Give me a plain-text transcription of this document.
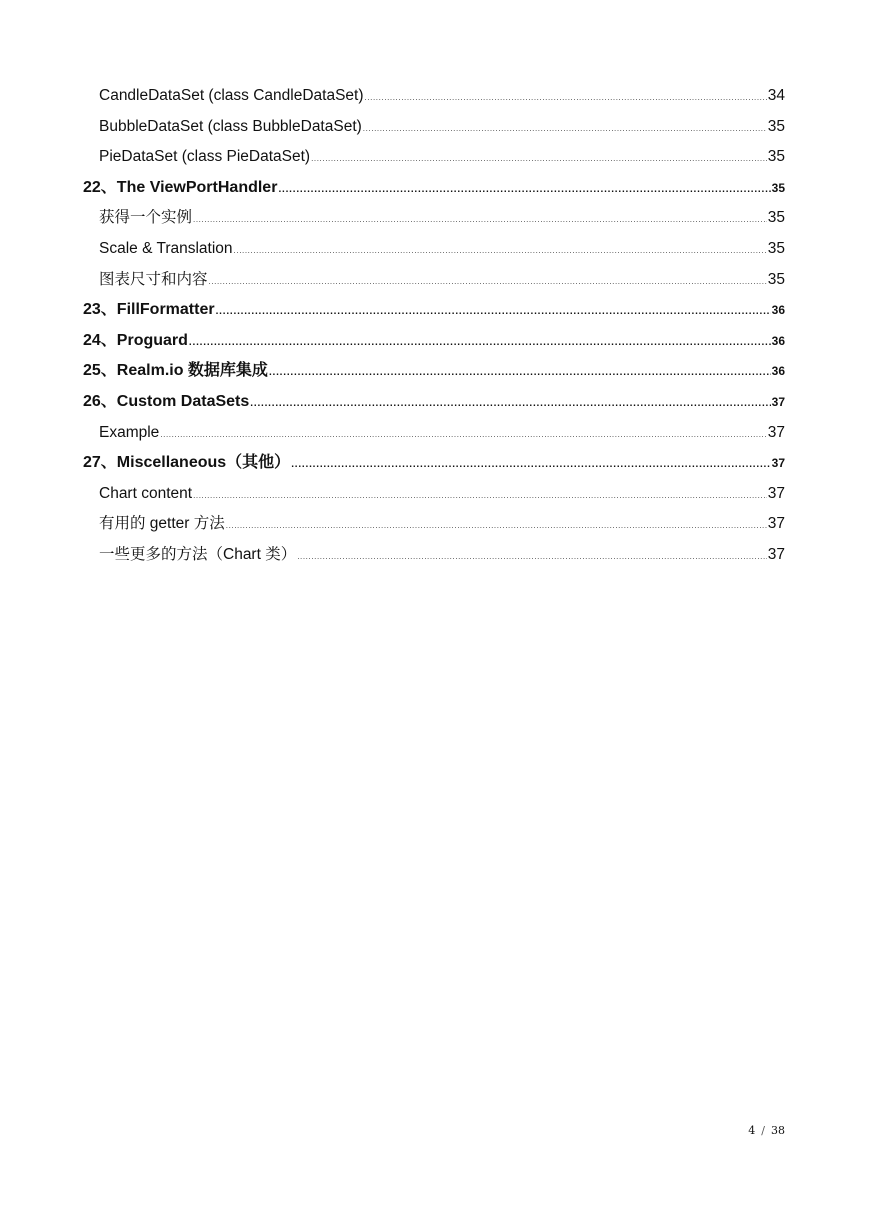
CandleDataSet (class CandleDataSet) .....	34
BubbleDataSet (class BubbleDataSet) .....	35
PieDataSet (class PieDataSet) .....	35
22、The ViewPortHandler .....	35
获得一个实例 .....	35
Scale & Translation .....	35
图表尺寸和内容 .....	35
23、FillFormatter .....	36
24、Proguard .....	36
25、Realm.io 数据库集成 .....	36
26、Custom DataSets .....	37
Example .....	37
27、Miscellaneous（其他） .....	37
Chart content .....	37
有用的 getter 方法 .....	37
一些更多的方法（Chart 类） .....	37
4 / 38
